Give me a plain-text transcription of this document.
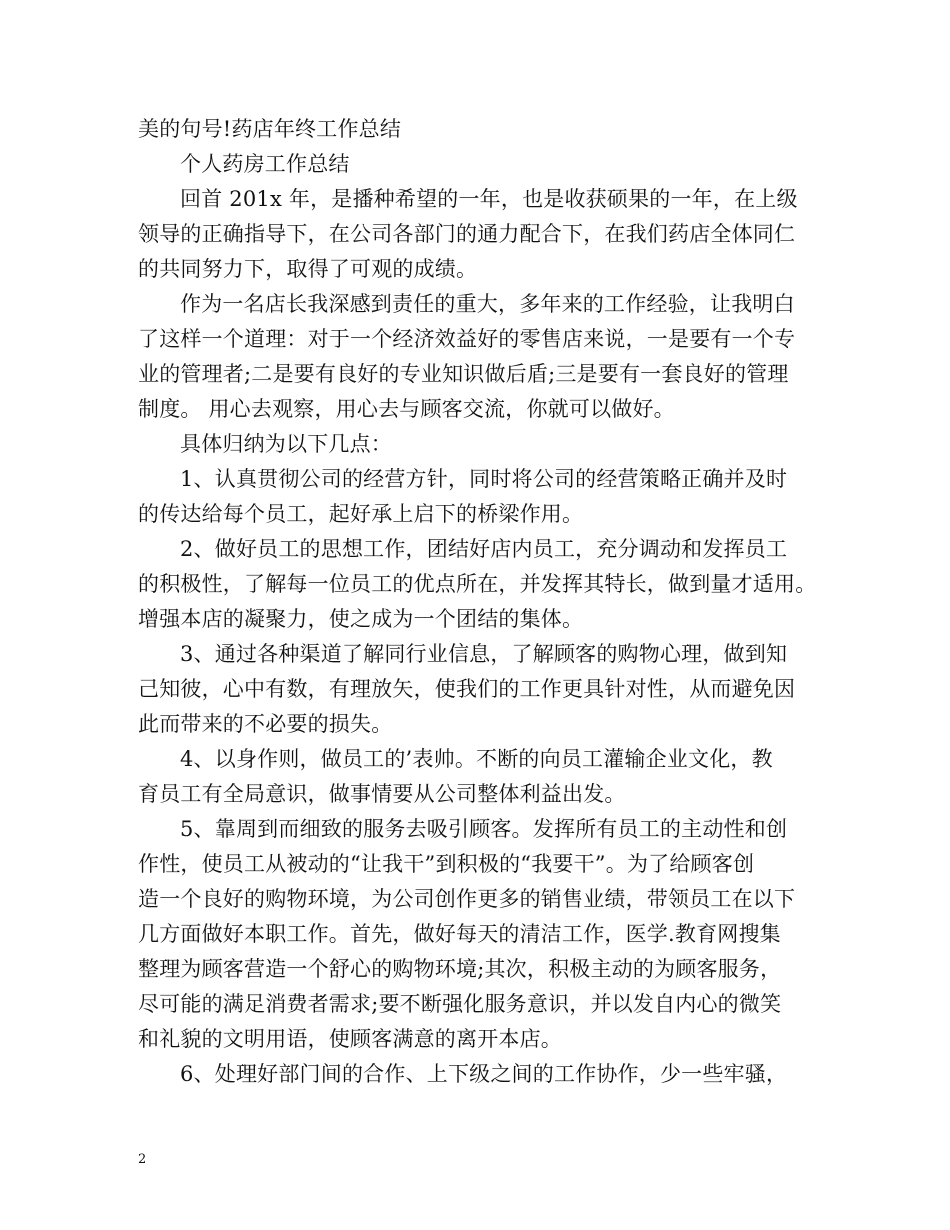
美的句号!药店年终工作总结
个人药房工作总结
回首 201x 年，是播种希望的一年，也是收获硕果的一年，在上级
领导的正确指导下，在公司各部门的通力配合下，在我们药店全体同仁
的共同努力下，取得了可观的成绩。
作为一名店长我深感到责任的重大，多年来的工作经验，让我明白
了这样一个道理：对于一个经济效益好的零售店来说，一是要有一个专
业的管理者;二是要有良好的专业知识做后盾;三是要有一套良好的管理
制度。 用心去观察，用心去与顾客交流，你就可以做好。
具体归纳为以下几点：
1、认真贯彻公司的经营方针，同时将公司的经营策略正确并及时
的传达给每个员工，起好承上启下的桥梁作用。
2、做好员工的思想工作，团结好店内员工，充分调动和发挥员工
的积极性，了解每一位员工的优点所在，并发挥其特长，做到量才适用。
增强本店的凝聚力，使之成为一个团结的集体。
3、通过各种渠道了解同行业信息，了解顾客的购物心理，做到知
己知彼，心中有数，有理放矢，使我们的工作更具针对性，从而避免因
此而带来的不必要的损失。
4、以身作则，做员工的’表帅。不断的向员工灌输企业文化，教
育员工有全局意识，做事情要从公司整体利益出发。
5、靠周到而细致的服务去吸引顾客。发挥所有员工的主动性和创
作性，使员工从被动的“让我干”到积极的“我要干”。为了给顾客创
造一个良好的购物环境，为公司创作更多的销售业绩，带领员工在以下
几方面做好本职工作。首先，做好每天的清洁工作，医学.教育网搜集
整理为顾客营造一个舒心的购物环境;其次，积极主动的为顾客服务，
尽可能的满足消费者需求;要不断强化服务意识，并以发自内心的微笑
和礼貌的文明用语，使顾客满意的离开本店。
6、处理好部门间的合作、上下级之间的工作协作，少一些牢骚，
2
